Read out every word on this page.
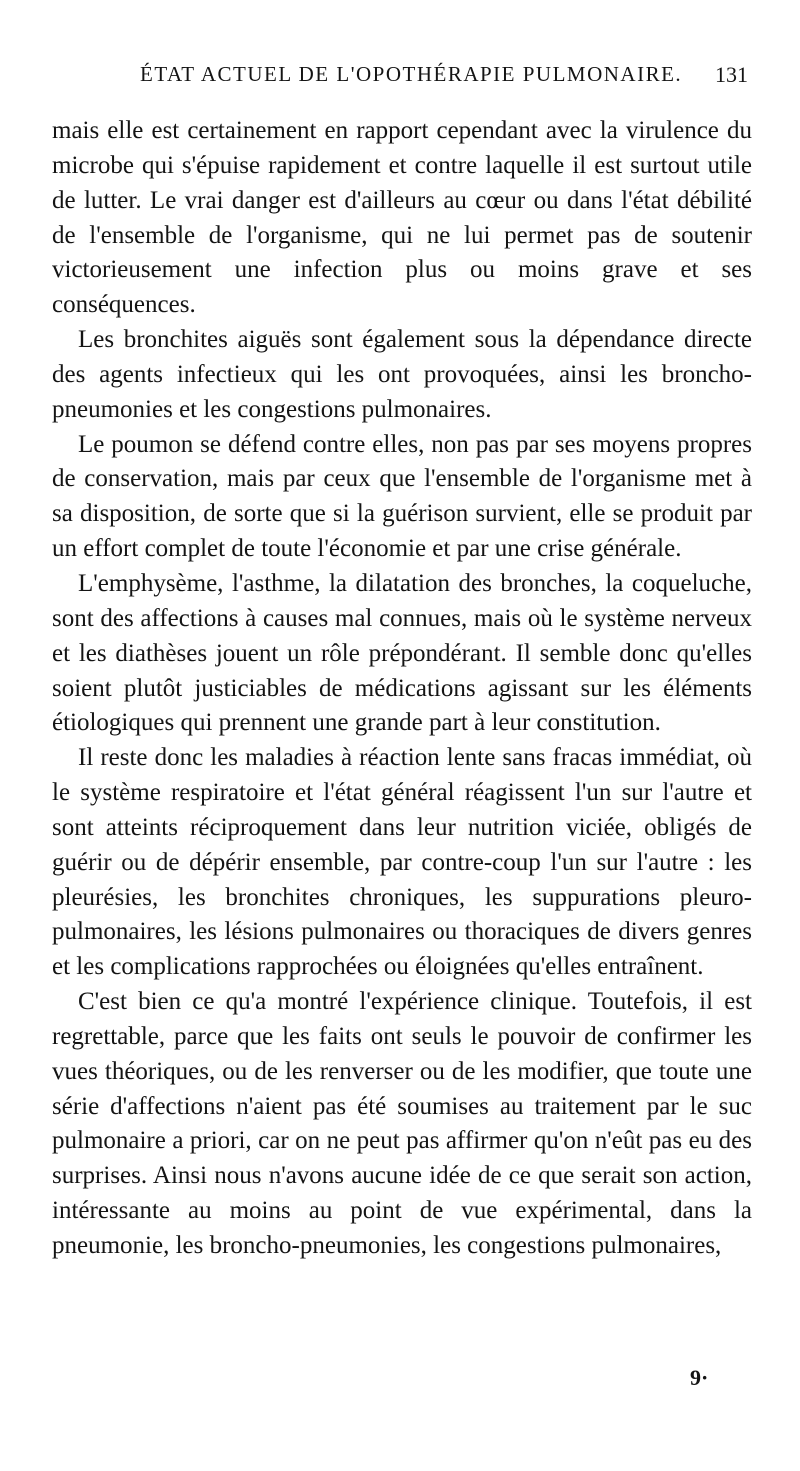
ÉTAT ACTUEL DE L'OPOTHÉRAPIE PULMONAIRE. 131

mais elle est certainement en rapport cependant avec la virulence du microbe qui s'épuise rapidement et contre laquelle il est surtout utile de lutter. Le vrai danger est d'ailleurs au cœur ou dans l'état débilité de l'ensemble de l'organisme, qui ne lui permet pas de soutenir victorieusement une infection plus ou moins grave et ses conséquences.

Les bronchites aiguës sont également sous la dépendance directe des agents infectieux qui les ont provoquées, ainsi les broncho-pneumonies et les congestions pulmonaires.

Le poumon se défend contre elles, non pas par ses moyens propres de conservation, mais par ceux que l'ensemble de l'organisme met à sa disposition, de sorte que si la guérison survient, elle se produit par un effort complet de toute l'économie et par une crise générale.

L'emphysème, l'asthme, la dilatation des bronches, la coqueluche, sont des affections à causes mal connues, mais où le système nerveux et les diathèses jouent un rôle prépondérant. Il semble donc qu'elles soient plutôt justiciables de médications agissant sur les éléments étiologiques qui prennent une grande part à leur constitution.

Il reste donc les maladies à réaction lente sans fracas immédiat, où le système respiratoire et l'état général réagissent l'un sur l'autre et sont atteints réciproquement dans leur nutrition viciée, obligés de guérir ou de dépérir ensemble, par contre-coup l'un sur l'autre : les pleurésies, les bronchites chroniques, les suppurations pleuro-pulmonaires, les lésions pulmonaires ou thoraciques de divers genres et les complications rapprochées ou éloignées qu'elles entraînent.

C'est bien ce qu'a montré l'expérience clinique. Toutefois, il est regrettable, parce que les faits ont seuls le pouvoir de confirmer les vues théoriques, ou de les renverser ou de les modifier, que toute une série d'affections n'aient pas été soumises au traitement par le suc pulmonaire a priori, car on ne peut pas affirmer qu'on n'eût pas eu des surprises. Ainsi nous n'avons aucune idée de ce que serait son action, intéressante au moins au point de vue expérimental, dans la pneumonie, les broncho-pneumonies, les congestions pulmonaires,

9·
